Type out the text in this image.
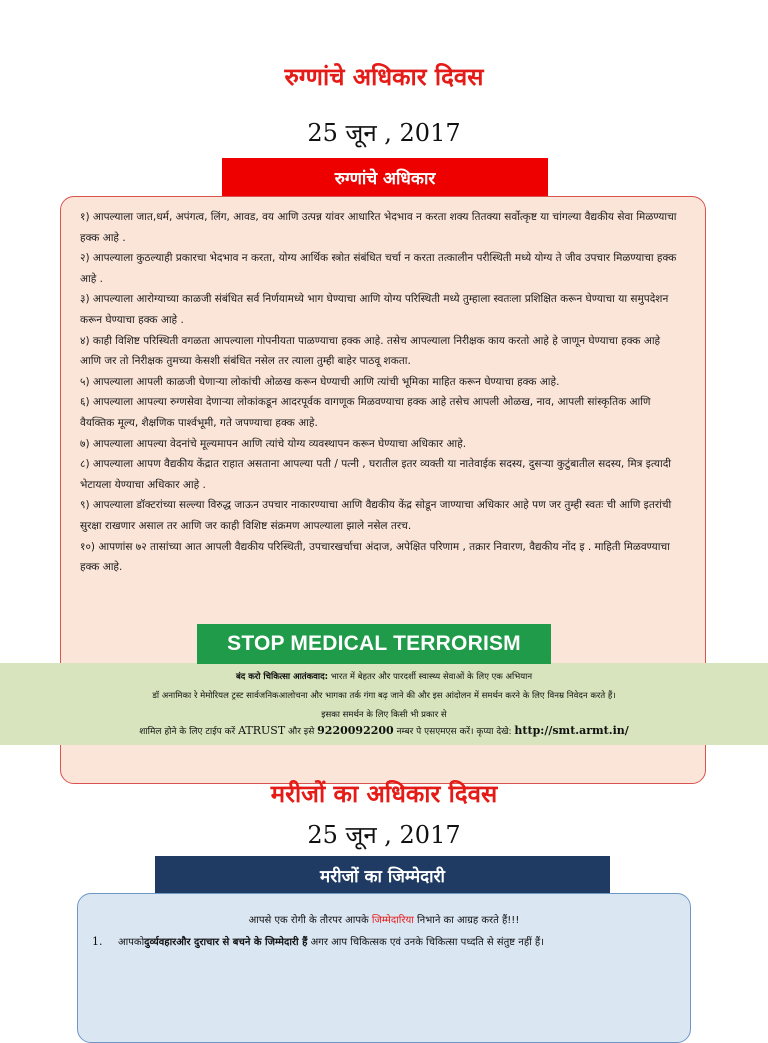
रुग्णांचे अधिकार दिवस
25 जून , 2017
रुग्णांचे अधिकार

१) आपल्याला जात,धर्म, अपंगत्व, लिंग, आवड, वय आणि उत्पन्न यांवर आधारित भेदभाव न करता शक्य तितक्या सर्वोत्कृष्ट या चांगल्या वैद्यकीय सेवा मिळण्याचा हक्क आहे .

२) आपल्याला कुठल्याही प्रकारचा भेदभाव न करता, योग्य आर्थिक स्त्रोत संबंधित चर्चा न करता तत्कालीन परीस्थिती मध्ये योग्य ते जीव उपचार मिळण्याचा हक्क आहे .

३) आपल्याला आरोग्याच्या काळजी संबंधित सर्व निर्णयामध्ये भाग घेण्याचा आणि योग्य परिस्थिती मध्ये तुम्हाला स्वतःला प्रशिक्षित करून घेण्याचा या समुपदेशन करून घेण्याचा हक्क आहे .

४) काही विशिष्ट परिस्थिती वगळता आपल्याला गोपनीयता पाळण्याचा हक्क आहे. तसेच आपल्याला निरीक्षक काय करतो आहे हे जाणून घेण्याचा हक्क आहे आणि जर तो निरीक्षक तुमच्या केसशी संबंधित नसेल तर त्याला तुम्ही बाहेर पाठवू शकता.

५) आपल्याला आपली काळजी घेणाऱ्या लोकांची ओळख करून घेण्याची आणि त्यांची भूमिका माहित करून घेण्याचा हक्क आहे.

६) आपल्याला आपल्या रुग्णसेवा देणाऱ्या लोकांकडून आदरपूर्वक वागणूक मिळवण्याचा हक्क आहे तसेच आपली ओळख, नाव, आपली सांस्कृतिक आणि वैयक्तिक मूल्य, शैक्षणिक पार्श्वभूमी, गते जपण्याचा हक्क आहे.

७) आपल्याला आपल्या वेदनांचे मूल्यमापन आणि त्यांचे योग्य व्यवस्थापन करून घेण्याचा अधिकार आहे.

८) आपल्याला आपण वैद्यकीय केंद्रात राहात असताना आपल्या पती / पत्नी , घरातील इतर व्यक्ती या नातेवाईक सदस्य, दुसऱ्या कुटुंबातील सदस्य, मित्र इत्यादी भेटायला येण्याचा अधिकार आहे .

९) आपल्याला डॉक्टरांच्या सल्ल्या विरुद्ध जाऊन उपचार नाकारण्याचा आणि वैद्यकीय केंद्र सोडून जाण्याचा अधिकार आहे पण जर तुम्ही स्वतः ची आणि इतरांची सुरक्षा राखणार असाल तर आणि जर काही विशिष्ट संक्रमण आपल्याला झाले नसेल तरच.

१०) आपणांस ७२ तासांच्या आत आपली वैद्यकीय परिस्थिती, उपचारखर्चाचा अंदाज, अपेक्षित परिणाम , तक्रार निवारण, वैद्यकीय नोंद इ . माहिती मिळवण्याचा हक्क आहे.

STOP MEDICAL TERRORISM
बंद करो चिकित्सा आतंकवाद: भारत में बेहतर और पारदर्शी स्वास्थ्य सेवाओं के लिए एक अभियान
डॉ अनामिका रे मेमोरियल ट्रस्ट सार्वजनिकआलोचना और भागका तर्क गंगा बढ़ जाने की और इस आंदोलन में समर्थन करने के लिए विनम्र निवेदन करते हैं।
इसका समर्थन के लिए किसी भी प्रकार से
शामिल होने के लिए टाईप करें ATRUST और इसे 9220092200 नम्बर पे एसएमएस करें। कृप्या देखे: http://smt.armt.in/
मरीजों का अधिकार दिवस
25 जून , 2017
मरीजों का जिम्मेदारी
आपसे एक रोगी के तौरपर आपके जिम्मेदारिया निभाने का आग्रह करते हैं!!!
1. आपकोदुर्व्यवहारऔर दुराचार से बचने के जिम्मेदारी हैं अगर आप चिकित्सक एवं उनके चिकित्सा पध्दति से संतुष्ट नहीं हैं।
